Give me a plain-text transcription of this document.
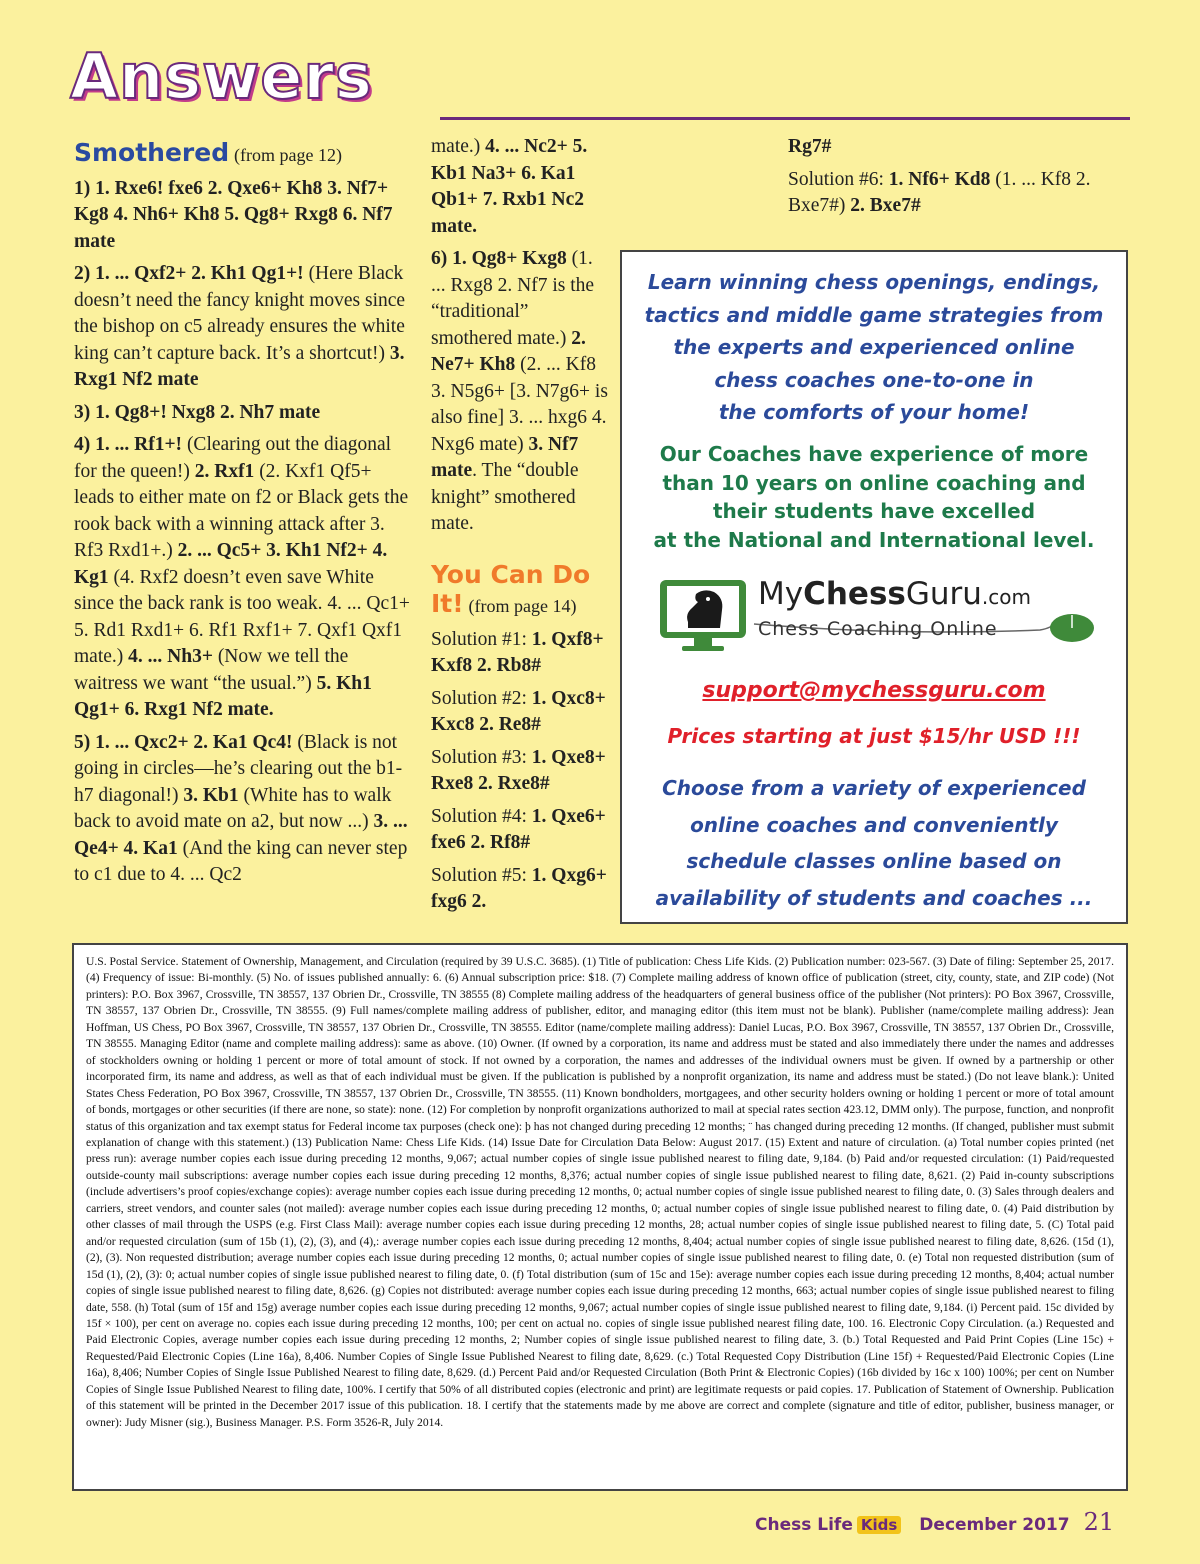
Answers

Smothered (from page 12)

1) 1. Rxe6! fxe6 2. Qxe6+ Kh8 3. Nf7+ Kg8 4. Nh6+ Kh8 5. Qg8+ Rxg8 6. Nf7 mate

2) 1. ... Qxf2+ 2. Kh1 Qg1+! (Here Black doesn’t need the fancy knight moves since the bishop on c5 already ensures the white king can’t capture back. It’s a shortcut!) 3. Rxg1 Nf2 mate

3) 1. Qg8+! Nxg8 2. Nh7 mate

4) 1. ... Rf1+! (Clearing out the diagonal for the queen!) 2. Rxf1 (2. Kxf1 Qf5+ leads to either mate on f2 or Black gets the rook back with a winning attack after 3. Rf3 Rxd1+.) 2. ... Qc5+ 3. Kh1 Nf2+ 4. Kg1 (4. Rxf2 doesn’t even save White since the back rank is too weak. 4. ... Qc1+ 5. Rd1 Rxd1+ 6. Rf1 Rxf1+ 7. Qxf1 Qxf1 mate.) 4. ... Nh3+ (Now we tell the waitress we want “the usual.”) 5. Kh1 Qg1+ 6. Rxg1 Nf2 mate.

5) 1. ... Qxc2+ 2. Ka1 Qc4! (Black is not going in circles—he’s clearing out the b1-h7 diagonal!) 3. Kb1 (White has to walk back to avoid mate on a2, but now ...) 3. ... Qe4+ 4. Ka1 (And the king can never step to c1 due to 4. ... Qc2

mate.) 4. ... Nc2+ 5. Kb1 Na3+ 6. Ka1 Qb1+ 7. Rxb1 Nc2 mate.

6) 1. Qg8+ Kxg8 (1. ... Rxg8 2. Nf7 is the “traditional” smothered mate.) 2. Ne7+ Kh8 (2. ... Kf8 3. N5g6+ [3. N7g6+ is also fine] 3. ... hxg6 4. Nxg6 mate) 3. Nf7 mate. The “double knight” smothered mate.

You Can Do It! (from page 14)

Solution #1: 1. Qxf8+ Kxf8 2. Rb8#

Solution #2: 1. Qxc8+ Kxc8 2. Re8#

Solution #3: 1. Qxe8+ Rxe8 2. Rxe8#

Solution #4: 1. Qxe6+ fxe6 2. Rf8#

Solution #5: 1. Qxg6+ fxg6 2.

Rg7#

Solution #6: 1. Nf6+ Kd8 (1. ... Kf8 2. Bxe7#) 2. Bxe7#

Learn winning chess openings, endings,
tactics and middle game strategies from
the experts and experienced online
chess coaches one-to-one in
the comforts of your home!
Our Coaches have experience of more
than 10 years on online coaching and
their students have excelled
at the National and International level.
MyChessGuru.com
Chess Coaching Online
support@mychessguru.com
Prices starting at just $15/hr USD !!!
Choose from a variety of experienced
online coaches and conveniently
schedule classes online based on
availability of students and coaches ...

U.S. Postal Service. Statement of Ownership, Management, and Circulation (required by 39 U.S.C. 3685). (1) Title of publication: Chess Life Kids. (2) Publication number: 023-567. (3) Date of filing: September 25, 2017. (4) Frequency of issue: Bi-monthly. (5) No. of issues published annually: 6. (6) Annual subscription price: $18. (7) Complete mailing address of known office of publication (street, city, county, state, and ZIP code) (Not printers): P.O. Box 3967, Crossville, TN 38557, 137 Obrien Dr., Crossville, TN 38555 (8) Complete mailing address of the headquarters of general business office of the publisher (Not printers): PO Box 3967, Crossville, TN 38557, 137 Obrien Dr., Crossville, TN 38555. (9) Full names/complete mailing address of publisher, editor, and managing editor (this item must not be blank). Publisher (name/complete mailing address): Jean Hoffman, US Chess, PO Box 3967, Crossville, TN 38557, 137 Obrien Dr., Crossville, TN 38555. Editor (name/complete mailing address): Daniel Lucas, P.O. Box 3967, Crossville, TN 38557, 137 Obrien Dr., Crossville, TN 38555. Managing Editor (name and complete mailing address): same as above. (10) Owner. (If owned by a corporation, its name and address must be stated and also immediately there under the names and addresses of stockholders owning or holding 1 percent or more of total amount of stock. If not owned by a corporation, the names and addresses of the individual owners must be given. If owned by a partnership or other incorporated firm, its name and address, as well as that of each individual must be given. If the publication is published by a nonprofit organization, its name and address must be stated.) (Do not leave blank.): United States Chess Federation, PO Box 3967, Crossville, TN 38557, 137 Obrien Dr., Crossville, TN 38555. (11) Known bondholders, mortgagees, and other security holders owning or holding 1 percent or more of total amount of bonds, mortgages or other securities (if there are none, so state): none. (12) For completion by nonprofit organizations authorized to mail at special rates section 423.12, DMM only). The purpose, function, and nonprofit status of this organization and tax exempt status for Federal income tax purposes (check one): þ has not changed during preceding 12 months; ¨ has changed during preceding 12 months. (If changed, publisher must submit explanation of change with this statement.) (13) Publication Name: Chess Life Kids. (14) Issue Date for Circulation Data Below: August 2017. (15) Extent and nature of circulation. (a) Total number copies printed (net press run): average number copies each issue during preceding 12 months, 9,067; actual number copies of single issue published nearest to filing date, 9,184. (b) Paid and/or requested circulation: (1) Paid/requested outside-county mail subscriptions: average number copies each issue during preceding 12 months, 8,376; actual number copies of single issue published nearest to filing date, 8,621. (2) Paid in-county subscriptions (include advertisers’s proof copies/exchange copies): average number copies each issue during preceding 12 months, 0; actual number copies of single issue published nearest to filing date, 0. (3) Sales through dealers and carriers, street vendors, and counter sales (not mailed): average number copies each issue during preceding 12 months, 0; actual number copies of single issue published nearest to filing date, 0. (4) Paid distribution by other classes of mail through the USPS (e.g. First Class Mail): average number copies each issue during preceding 12 months, 28; actual number copies of single issue published nearest to filing date, 5. (C) Total paid and/or requested circulation (sum of 15b (1), (2), (3), and (4),: average number copies each issue during preceding 12 months, 8,404; actual number copies of single issue published nearest to filing date, 8,626. (15d (1), (2), (3). Non requested distribution; average number copies each issue during preceding 12 months, 0; actual number copies of single issue published nearest to filing date, 0. (e) Total non requested distribution (sum of 15d (1), (2), (3): 0; actual number copies of single issue published nearest to filing date, 0. (f) Total distribution (sum of 15c and 15e): average number copies each issue during preceding 12 months, 8,404; actual number copies of single issue published nearest to filing date, 8,626. (g) Copies not distributed: average number copies each issue during preceding 12 months, 663; actual number copies of single issue published nearest to filing date, 558. (h) Total (sum of 15f and 15g) average number copies each issue during preceding 12 months, 9,067; actual number copies of single issue published nearest to filing date, 9,184. (i) Percent paid. 15c divided by 15f × 100), per cent on average no. copies each issue during preceding 12 months, 100; per cent on actual no. copies of single issue published nearest filing date, 100. 16. Electronic Copy Circulation. (a.) Requested and Paid Electronic Copies, average number copies each issue during preceding 12 months, 2; Number copies of single issue published nearest to filing date, 3. (b.) Total Requested and Paid Print Copies (Line 15c) + Requested/Paid Electronic Copies (Line 16a), 8,406. Number Copies of Single Issue Published Nearest to filing date, 8,629. (c.) Total Requested Copy Distribution (Line 15f) + Requested/Paid Electronic Copies (Line 16a), 8,406; Number Copies of Single Issue Published Nearest to filing date, 8,629. (d.) Percent Paid and/or Requested Circulation (Both Print & Electronic Copies) (16b divided by 16c x 100) 100%; per cent on Number Copies of Single Issue Published Nearest to filing date, 100%. I certify that 50% of all distributed copies (electronic and print) are legitimate requests or paid copies. 17. Publication of Statement of Ownership. Publication of this statement will be printed in the December 2017 issue of this publication. 18. I certify that the statements made by me above are correct and complete (signature and title of editor, publisher, business manager, or owner): Judy Misner (sig.), Business Manager. P.S. Form 3526-R, July 2014.

Chess Life Kids December 2017 21
